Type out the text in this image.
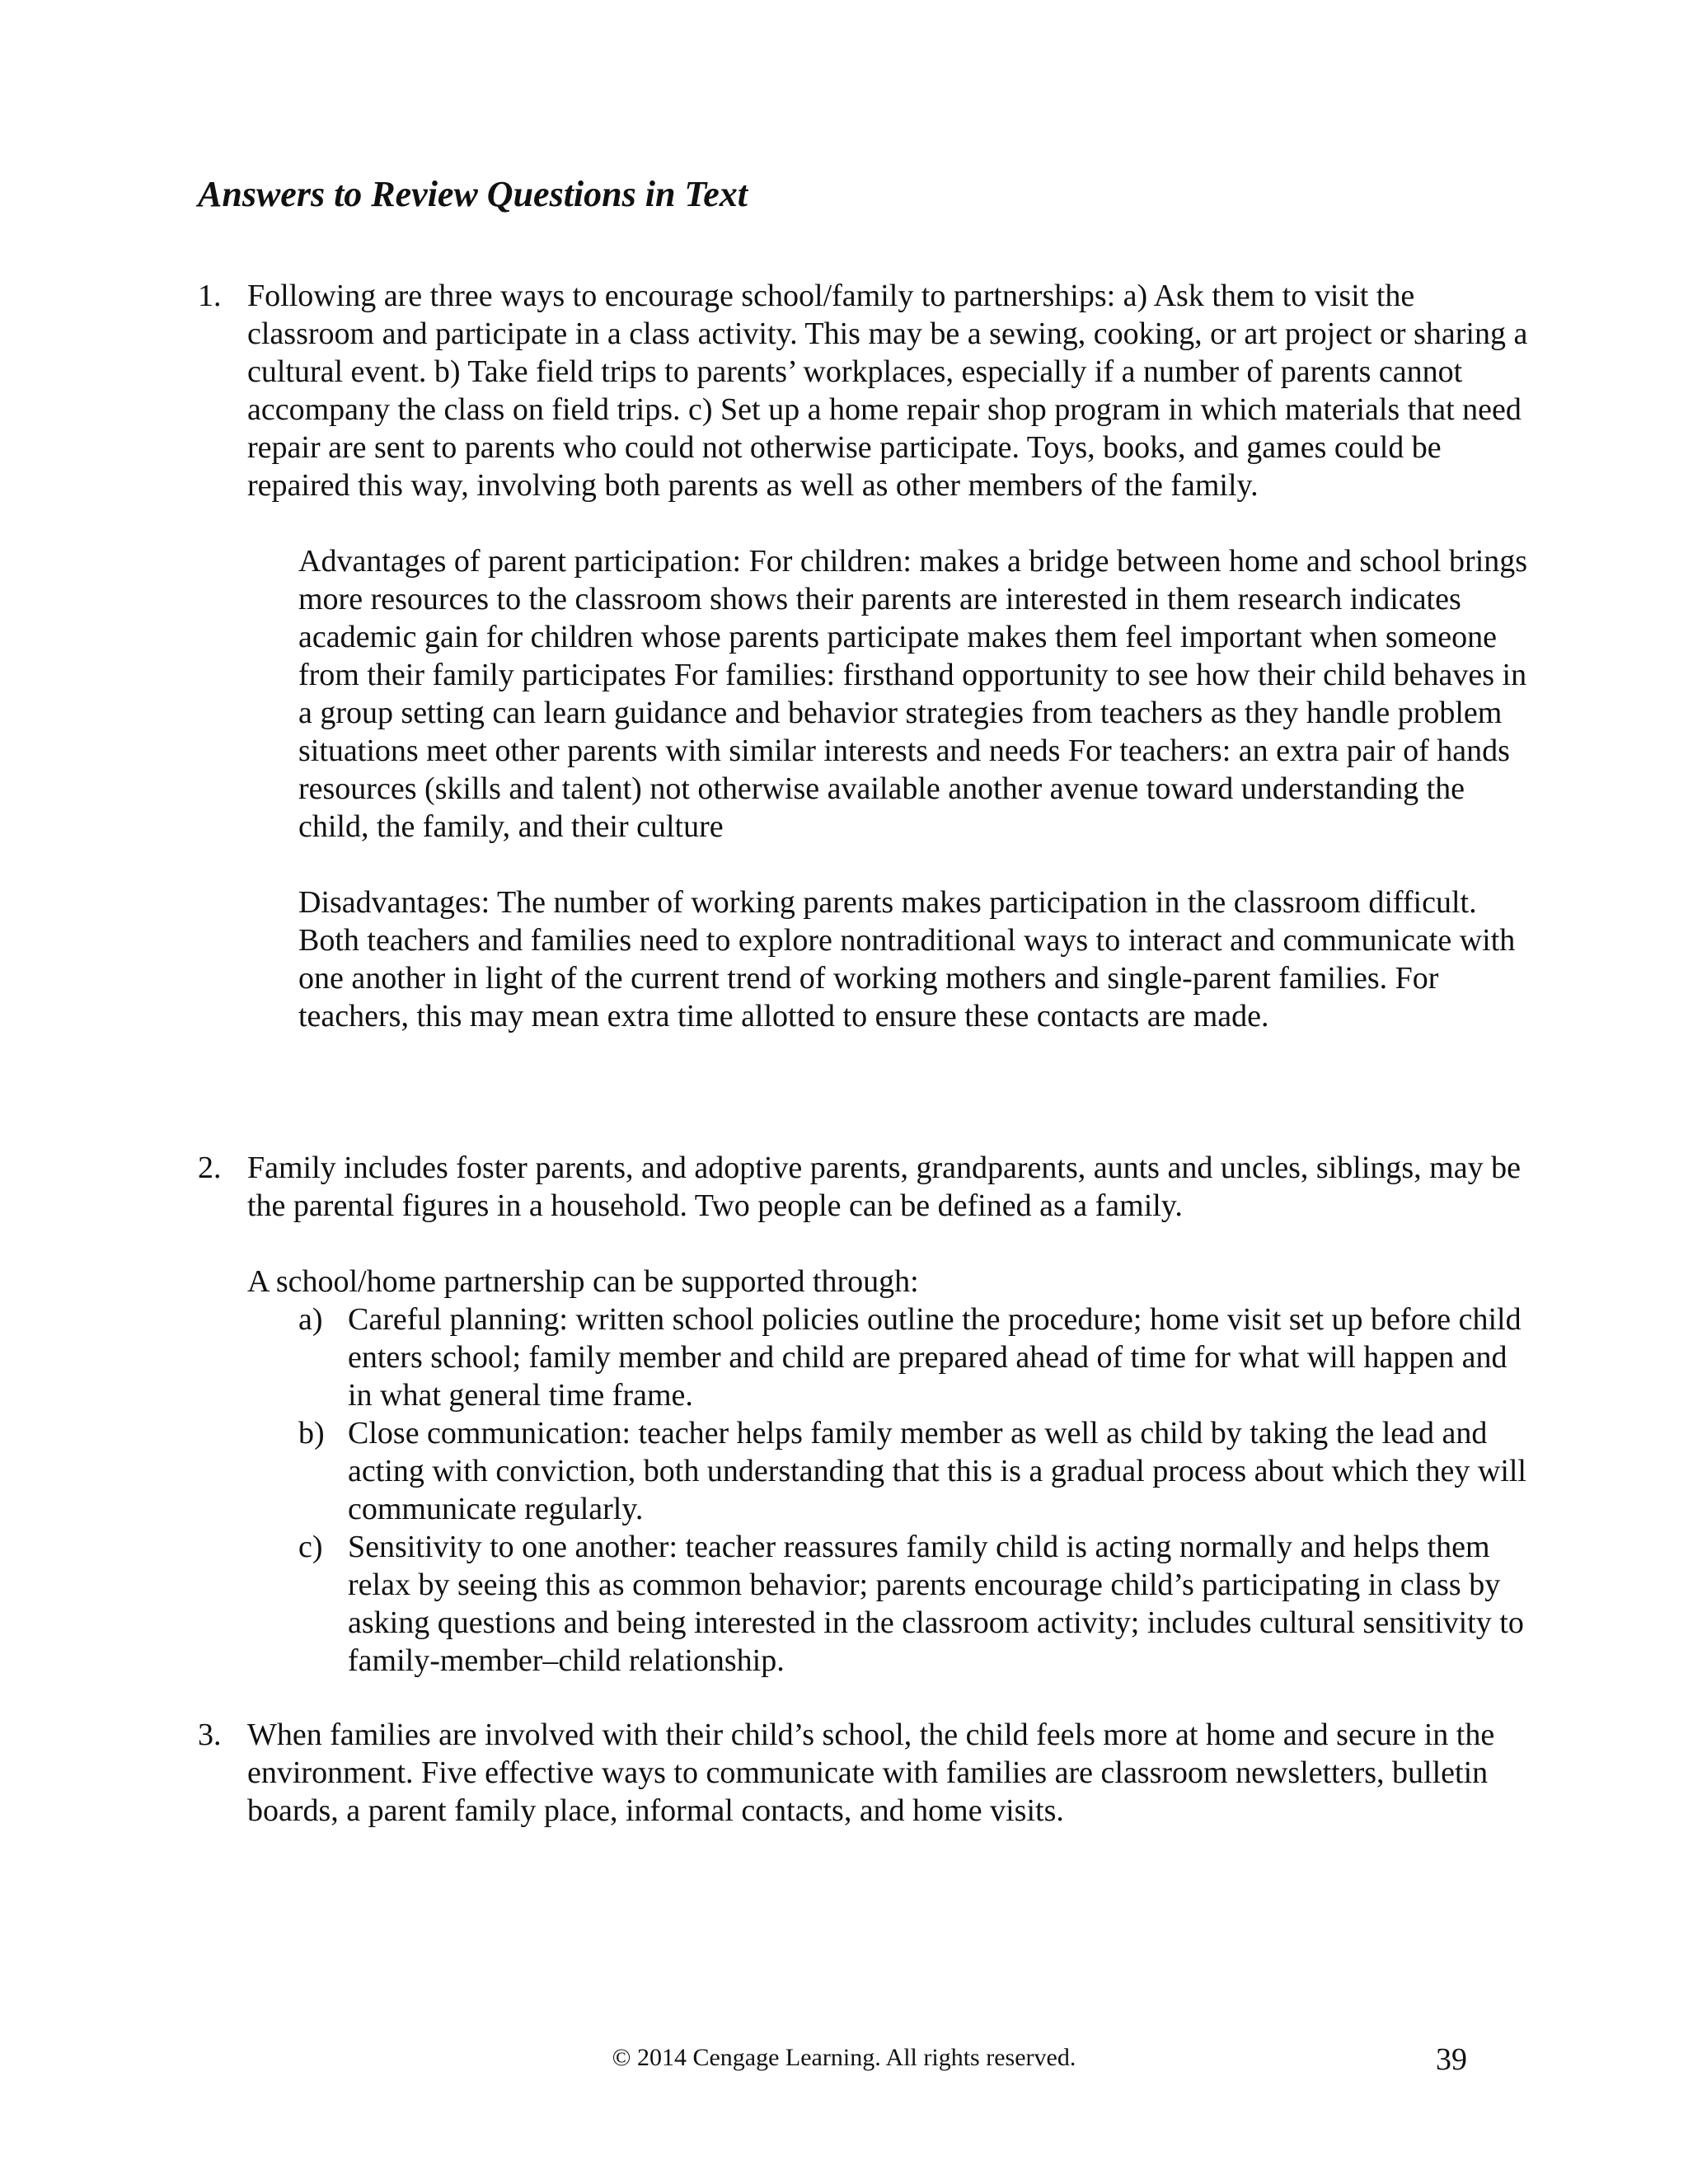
Answers to Review Questions in Text
1. Following are three ways to encourage school/family to partnerships: a) Ask them to visit the classroom and participate in a class activity. This may be a sewing, cooking, or art project or sharing a cultural event. b) Take field trips to parents’ workplaces, especially if a number of parents cannot accompany the class on field trips. c) Set up a home repair shop program in which materials that need repair are sent to parents who could not otherwise participate. Toys, books, and games could be repaired this way, involving both parents as well as other members of the family.

Advantages of parent participation: For children: makes a bridge between home and school brings more resources to the classroom shows their parents are interested in them research indicates academic gain for children whose parents participate makes them feel important when someone from their family participates For families: firsthand opportunity to see how their child behaves in a group setting can learn guidance and behavior strategies from teachers as they handle problem situations meet other parents with similar interests and needs For teachers: an extra pair of hands resources (skills and talent) not otherwise available another avenue toward understanding the child, the family, and their culture

Disadvantages: The number of working parents makes participation in the classroom difficult. Both teachers and families need to explore nontraditional ways to interact and communicate with one another in light of the current trend of working mothers and single-parent families. For teachers, this may mean extra time allotted to ensure these contacts are made.

2. Family includes foster parents, and adoptive parents, grandparents, aunts and uncles, siblings, may be the parental figures in a household. Two people can be defined as a family.

A school/home partnership can be supported through:

a) Careful planning: written school policies outline the procedure; home visit set up before child enters school; family member and child are prepared ahead of time for what will happen and in what general time frame.
b) Close communication: teacher helps family member as well as child by taking the lead and acting with conviction, both understanding that this is a gradual process about which they will communicate regularly.
c) Sensitivity to one another: teacher reassures family child is acting normally and helps them relax by seeing this as common behavior; parents encourage child’s participating in class by asking questions and being interested in the classroom activity; includes cultural sensitivity to family-member–child relationship.
3. When families are involved with their child’s school, the child feels more at home and secure in the environment. Five effective ways to communicate with families are classroom newsletters, bulletin boards, a parent family place, informal contacts, and home visits.

© 2014 Cengage Learning. All rights reserved.	39
